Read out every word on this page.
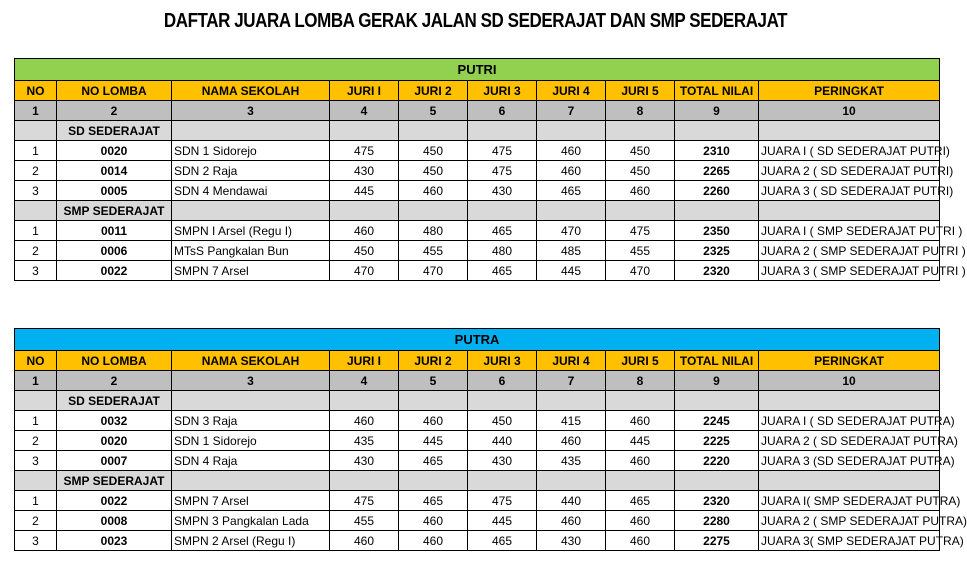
DAFTAR JUARA LOMBA GERAK JALAN SD SEDERAJAT DAN SMP SEDERAJAT
PUTRI									
NO	NO LOMBA	NAMA SEKOLAH	JURI I	JURI 2	JURI 3	JURI 4	JURI 5	TOTAL NILAI	PERINGKAT
1	2	3	4	5	6	7	8	9	10
	SD SEDERAJAT								
1	0020	SDN 1 Sidorejo	475	450	475	460	450	2310	JUARA I ( SD SEDERAJAT PUTRI)
2	0014	SDN 2 Raja	430	450	475	460	450	2265	JUARA 2 ( SD SEDERAJAT PUTRI)
3	0005	SDN 4 Mendawai	445	460	430	465	460	2260	JUARA 3 ( SD SEDERAJAT PUTRI)
	SMP SEDERAJAT								
1	0011	SMPN I Arsel (Regu I)	460	480	465	470	475	2350	JUARA I ( SMP SEDERAJAT PUTRI )
2	0006	MTsS Pangkalan Bun	450	455	480	485	455	2325	JUARA 2 ( SMP SEDERAJAT PUTRI )
3	0022	SMPN 7 Arsel	470	470	465	445	470	2320	JUARA 3 ( SMP SEDERAJAT PUTRI )
PUTRA									
NO	NO LOMBA	NAMA SEKOLAH	JURI I	JURI 2	JURI 3	JURI 4	JURI 5	TOTAL NILAI	PERINGKAT
1	2	3	4	5	6	7	8	9	10
	SD SEDERAJAT								
1	0032	SDN 3 Raja	460	460	450	415	460	2245	JUARA I ( SD SEDERAJAT PUTRA)
2	0020	SDN 1 Sidorejo	435	445	440	460	445	2225	JUARA 2 ( SD SEDERAJAT PUTRA)
3	0007	SDN 4 Raja	430	465	430	435	460	2220	JUARA 3 (SD SEDERAJAT PUTRA)
	SMP SEDERAJAT								
1	0022	SMPN 7 Arsel	475	465	475	440	465	2320	JUARA I( SMP SEDERAJAT PUTRA)
2	0008	SMPN 3 Pangkalan Lada	455	460	445	460	460	2280	JUARA 2 ( SMP SEDERAJAT PUTRA)
3	0023	SMPN 2 Arsel (Regu I)	460	460	465	430	460	2275	JUARA 3( SMP SEDERAJAT PUTRA)
